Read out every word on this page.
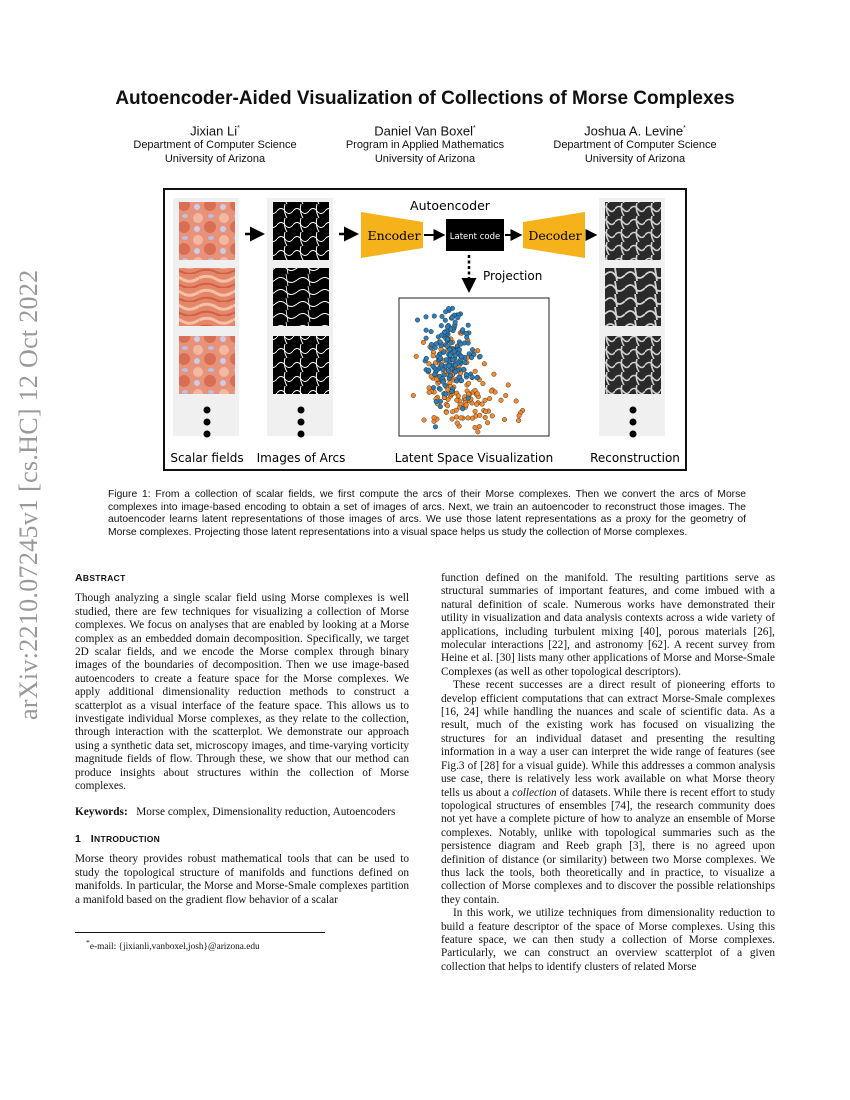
arXiv:2210.07245v1 [cs.HC] 12 Oct 2022
Autoencoder-Aided Visualization of Collections of Morse Complexes
Jixian Li*
Department of Computer Science
University of Arizona
Daniel Van Boxel*
Program in Applied Mathematics
University of Arizona
Joshua A. Levine*
Department of Computer Science
University of Arizona
Autoencoder
Encoder	Latent code Decoder
Projection
Scalar fields Images of Arcs	Latent Space Visualization	Reconstruction
Figure 1: From a collection of scalar fields, we first compute the arcs of their Morse complexes. Then we convert the arcs of Morse complexes into image-based encoding to obtain a set of images of arcs. Next, we train an autoencoder to reconstruct those images. The autoencoder learns latent representations of those images of arcs. We use those latent representations as a proxy for the geometry of Morse complexes. Projecting those latent representations into a visual space helps us study the collection of Morse complexes.
ABSTRACT

Though analyzing a single scalar field using Morse complexes is well studied, there are few techniques for visualizing a collection of Morse complexes. We focus on analyses that are enabled by looking at a Morse complex as an embedded domain decomposition. Specifically, we target 2D scalar fields, and we encode the Morse complex through binary images of the boundaries of decomposition. Then we use image-based autoencoders to create a feature space for the Morse complexes. We apply additional dimensionality reduction methods to construct a scatterplot as a visual interface of the feature space. This allows us to investigate individual Morse complexes, as they relate to the collection, through interaction with the scatterplot. We demonstrate our approach using a synthetic data set, microscopy images, and time-varying vorticity magnitude fields of flow. Through these, we show that our method can produce insights about structures within the collection of Morse complexes.

Keywords: Morse complex, Dimensionality reduction, Autoencoders

1 INTRODUCTION

Morse theory provides robust mathematical tools that can be used to study the topological structure of manifolds and functions defined on manifolds. In particular, the Morse and Morse-Smale complexes partition a manifold based on the gradient flow behavior of a scalar

*e-mail: {jixianli,vanboxel,josh}@arizona.edu

function defined on the manifold. The resulting partitions serve as structural summaries of important features, and come imbued with a natural definition of scale. Numerous works have demonstrated their utility in visualization and data analysis contexts across a wide variety of applications, including turbulent mixing [40], porous materials [26], molecular interactions [22], and astronomy [62]. A recent survey from Heine et al. [30] lists many other applications of Morse and Morse-Smale Complexes (as well as other topological descriptors).

These recent successes are a direct result of pioneering efforts to develop efficient computations that can extract Morse-Smale complexes [16, 24] while handling the nuances and scale of scientific data. As a result, much of the existing work has focused on visualizing the structures for an individual dataset and presenting the resulting information in a way a user can interpret the wide range of features (see Fig.3 of [28] for a visual guide). While this addresses a common analysis use case, there is relatively less work available on what Morse theory tells us about a collection of datasets. While there is recent effort to study topological structures of ensembles [74], the research community does not yet have a complete picture of how to analyze an ensemble of Morse complexes. Notably, unlike with topological summaries such as the persistence diagram and Reeb graph [3], there is no agreed upon definition of distance (or similarity) between two Morse complexes. We thus lack the tools, both theoretically and in practice, to visualize a collection of Morse complexes and to discover the possible relationships they contain.

In this work, we utilize techniques from dimensionality reduction to build a feature descriptor of the space of Morse complexes. Using this feature space, we can then study a collection of Morse complexes. Particularly, we can construct an overview scatterplot of a given collection that helps to identify clusters of related Morse
